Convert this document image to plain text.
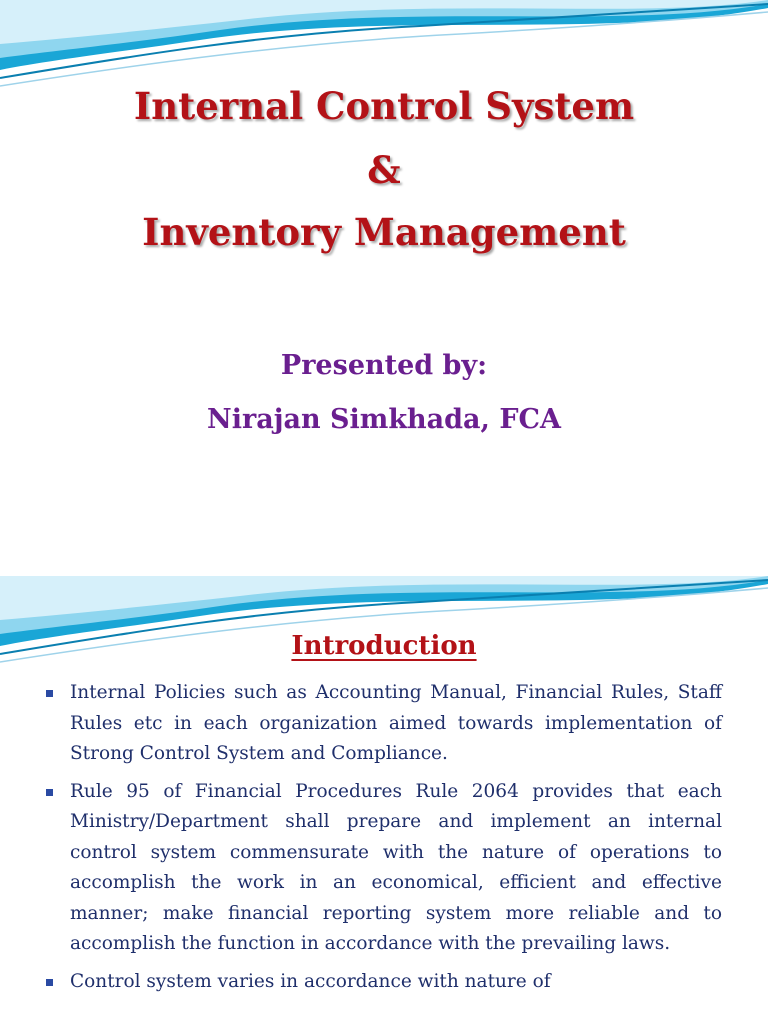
Internal Control System
&
Inventory Management
Presented by:
Nirajan Simkhada, FCA
Introduction
Internal Policies such as Accounting Manual, Financial Rules, Staff Rules etc in each organization aimed towards implementation of Strong Control System and Compliance.
Rule 95 of Financial Procedures Rule 2064 provides that each Ministry/Department shall prepare and implement an internal control system commensurate with the nature of operations to accomplish the work in an economical, efficient and effective manner; make financial reporting system more reliable and to accomplish the function in accordance with the prevailing laws.
Control system varies in accordance with nature of
